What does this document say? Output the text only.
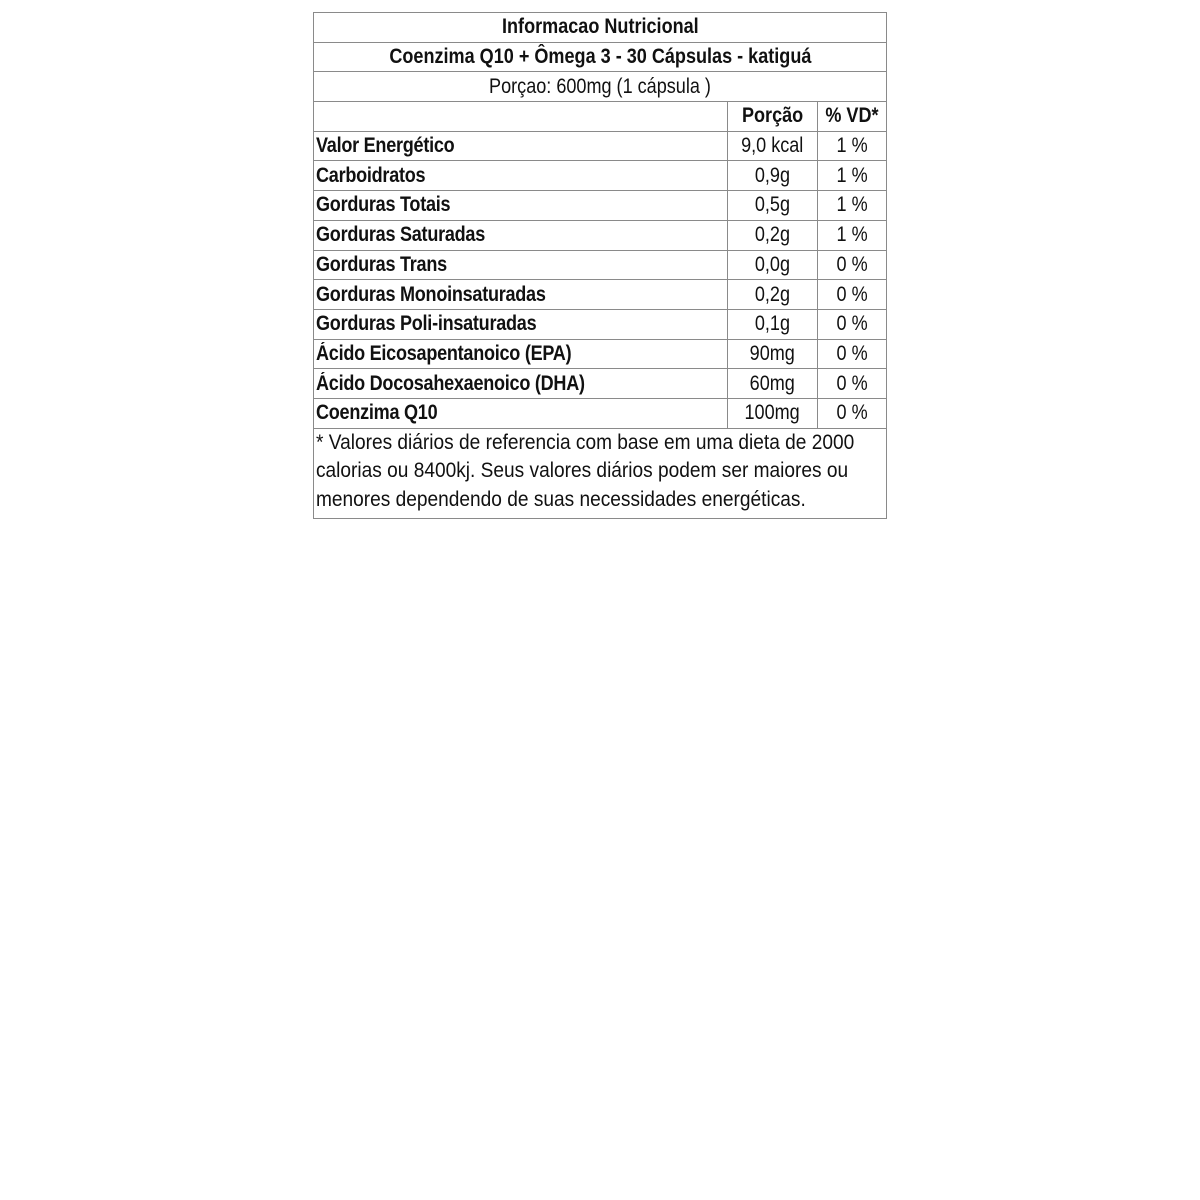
Informacao Nutricional		
Coenzima Q10 + Ômega 3 - 30 Cápsulas - katiguá		
Porçao: 600mg (1 cápsula )		
	Porção	% VD*
Valor Energético	9,0 kcal	1 %
Carboidratos	0,9g	1 %
Gorduras Totais	0,5g	1 %
Gorduras Saturadas	0,2g	1 %
Gorduras Trans	0,0g	0 %
Gorduras Monoinsaturadas	0,2g	0 %
Gorduras Poli-insaturadas	0,1g	0 %
Ácido Eicosapentanoico (EPA)	90mg	0 %
Ácido Docosahexaenoico (DHA)	60mg	0 %
Coenzima Q10	100mg	0 %

* Valores diários de referencia com base em uma dieta de 2000 calorias ou 8400kj. Seus valores diários podem ser maiores ou menores dependendo de suas necessidades energéticas.		
